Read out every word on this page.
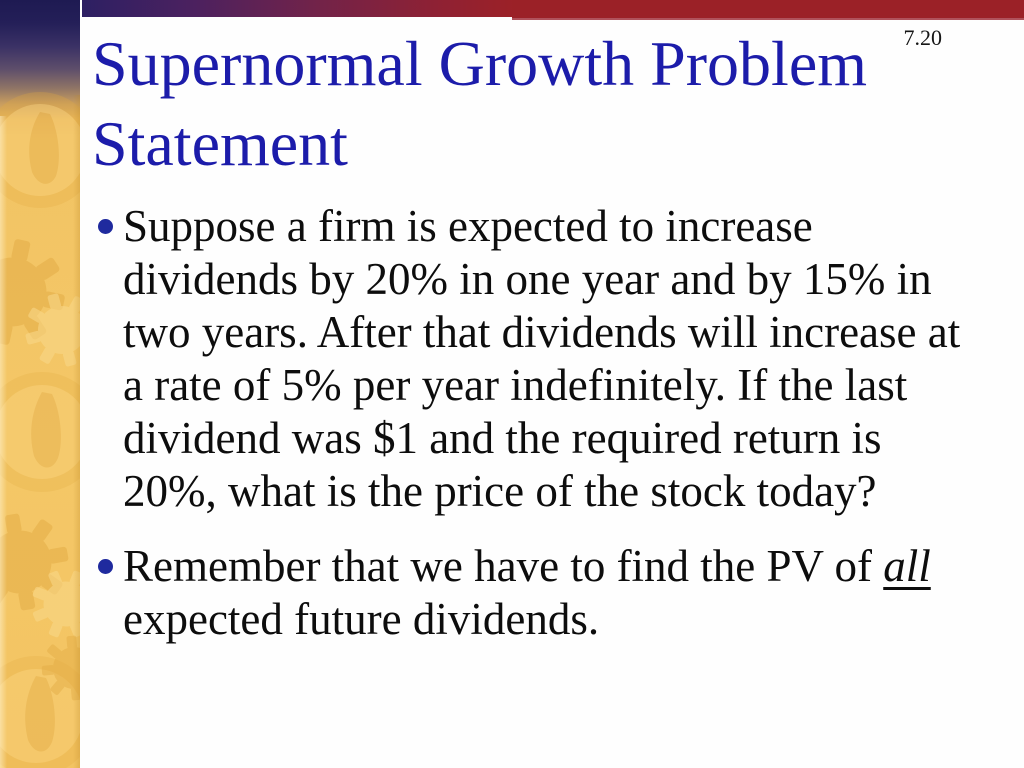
7.20
Supernormal Growth Problem
Statement
Suppose a firm is expected to increase
dividends by 20% in one year and by 15% in
two years. After that dividends will increase at
a rate of 5% per year indefinitely. If the last
dividend was $1 and the required return is
20%, what is the price of the stock today?
Remember that we have to find the PV of all
expected future dividends.
